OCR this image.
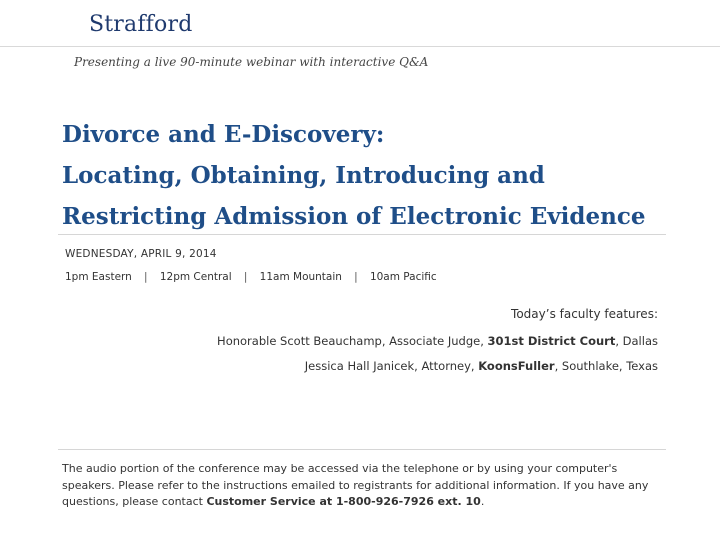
Strafford
Presenting a live 90-minute webinar with interactive Q&A
Divorce and E-Discovery:
Locating, Obtaining, Introducing and
Restricting Admission of Electronic Evidence
WEDNESDAY, APRIL 9, 2014
1pm Eastern | 12pm Central | 11am Mountain | 10am Pacific
Today’s faculty features:
Honorable Scott Beauchamp, Associate Judge, 301st District Court, Dallas
Jessica Hall Janicek, Attorney, KoonsFuller, Southlake, Texas
The audio portion of the conference may be accessed via the telephone or by using your computer's speakers. Please refer to the instructions emailed to registrants for additional information. If you have any questions, please contact Customer Service at 1-800-926-7926 ext. 10.
